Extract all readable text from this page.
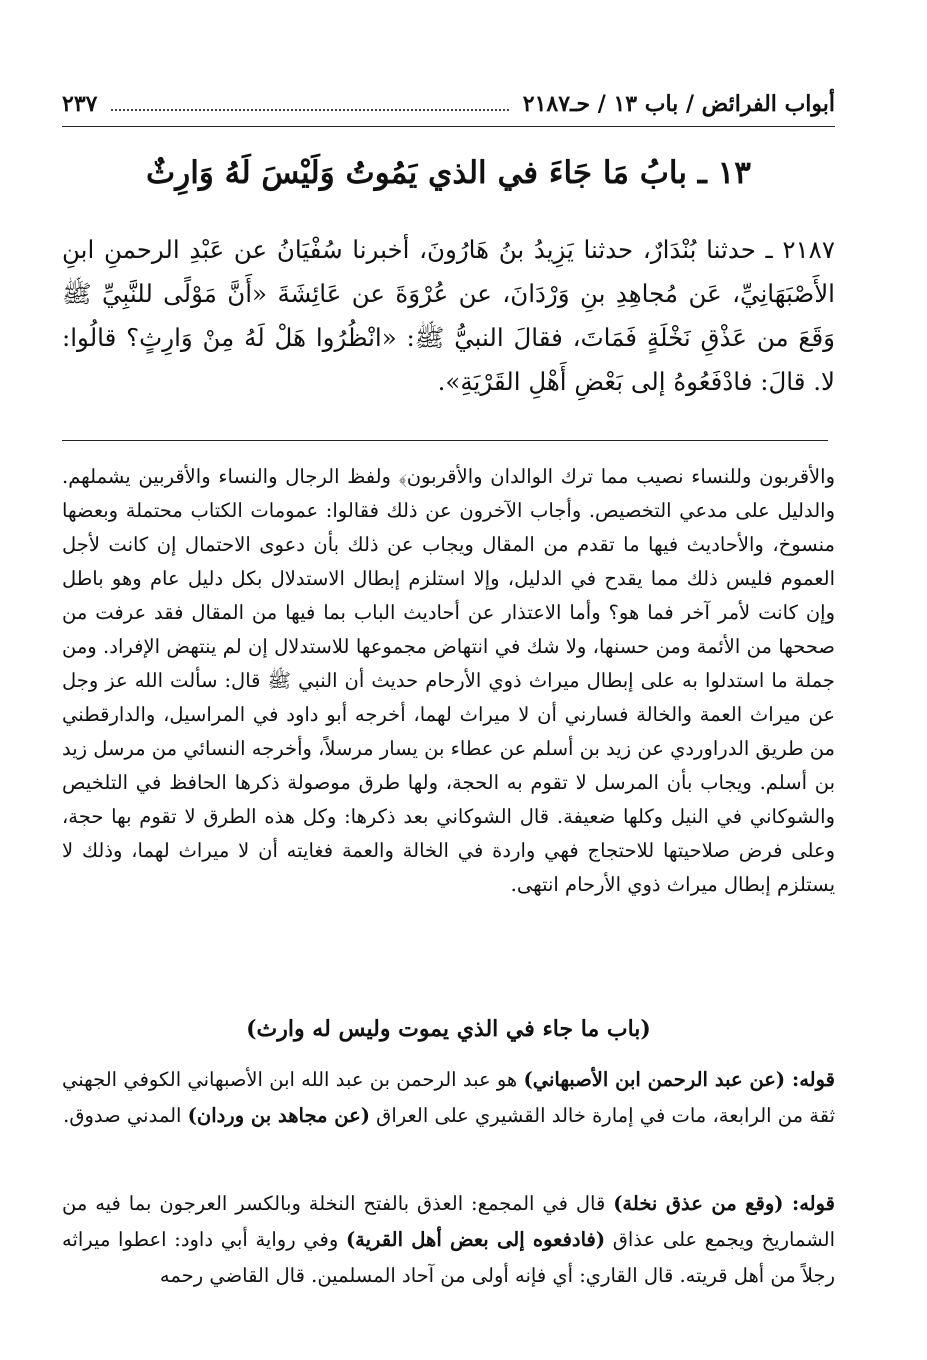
أبواب الفرائض / باب ١٣ / حـ٢١٨٧
٢٣٧
١٣ ـ بابُ مَا جَاءَ في الذي يَمُوتُ وَلَيْسَ لَهُ وَارِثٌ

٢١٨٧ ـ حدثنا بُنْدَارٌ، حدثنا يَزِيدُ بنُ هَارُونَ، أخبرنا سُفْيَانُ عن عَبْدِ الرحمنِ ابنِ الأَصْبَهَانِيِّ، عَن مُجاهِدِ بنِ وَرْدَانَ، عن عُرْوَةَ عن عَائِشَةَ «أَنَّ مَوْلًى للنَّبِيِّ ﷺ وَقَعَ من عَذْقِ نَخْلَةٍ فَمَاتَ، فقالَ النبيُّ ﷺ: «انْظُرُوا هَلْ لَهُ مِنْ وَارِثٍ؟ قالُوا: لا. قالَ: فادْفَعُوهُ إلى بَعْضِ أَهْلِ القَرْيَةِ».

والأقربون وللنساء نصيب مما ترك الوالدان والأقربون﴾ ولفظ الرجال والنساء والأقربين يشملهم. والدليل على مدعي التخصيص. وأجاب الآخرون عن ذلك فقالوا: عمومات الكتاب محتملة وبعضها منسوخ، والأحاديث فيها ما تقدم من المقال ويجاب عن ذلك بأن دعوى الاحتمال إن كانت لأجل العموم فليس ذلك مما يقدح في الدليل، وإلا استلزم إبطال الاستدلال بكل دليل عام وهو باطل وإن كانت لأمر آخر فما هو؟ وأما الاعتذار عن أحاديث الباب بما فيها من المقال فقد عرفت من صححها من الأئمة ومن حسنها، ولا شك في انتهاض مجموعها للاستدلال إن لم ينتهض الإفراد. ومن جملة ما استدلوا به على إبطال ميراث ذوي الأرحام حديث أن النبي ﷺ قال: سألت الله عز وجل عن ميراث العمة والخالة فسارني أن لا ميراث لهما، أخرجه أبو داود في المراسيل، والدارقطني من طريق الدراوردي عن زيد بن أسلم عن عطاء بن يسار مرسلاً، وأخرجه النسائي من مرسل زيد بن أسلم. ويجاب بأن المرسل لا تقوم به الحجة، ولها طرق موصولة ذكرها الحافظ في التلخيص والشوكاني في النيل وكلها ضعيفة. قال الشوكاني بعد ذكرها: وكل هذه الطرق لا تقوم بها حجة، وعلى فرض صلاحيتها للاحتجاج فهي واردة في الخالة والعمة فغايته أن لا ميراث لهما، وذلك لا يستلزم إبطال ميراث ذوي الأرحام انتهى.

(باب ما جاء في الذي يموت وليس له وارث)

قوله: (عن عبد الرحمن ابن الأصبهاني) هو عبد الرحمن بن عبد الله ابن الأصبهاني الكوفي الجهني ثقة من الرابعة، مات في إمارة خالد القشيري على العراق (عن مجاهد بن وردان) المدني صدوق.

قوله: (وقع من عذق نخلة) قال في المجمع: العذق بالفتح النخلة وبالكسر العرجون بما فيه من الشماريخ ويجمع على عذاق (فادفعوه إلى بعض أهل القرية) وفي رواية أبي داود: اعطوا ميراثه رجلاً من أهل قريته. قال القاري: أي فإنه أولى من آحاد المسلمين. قال القاضي رحمه
